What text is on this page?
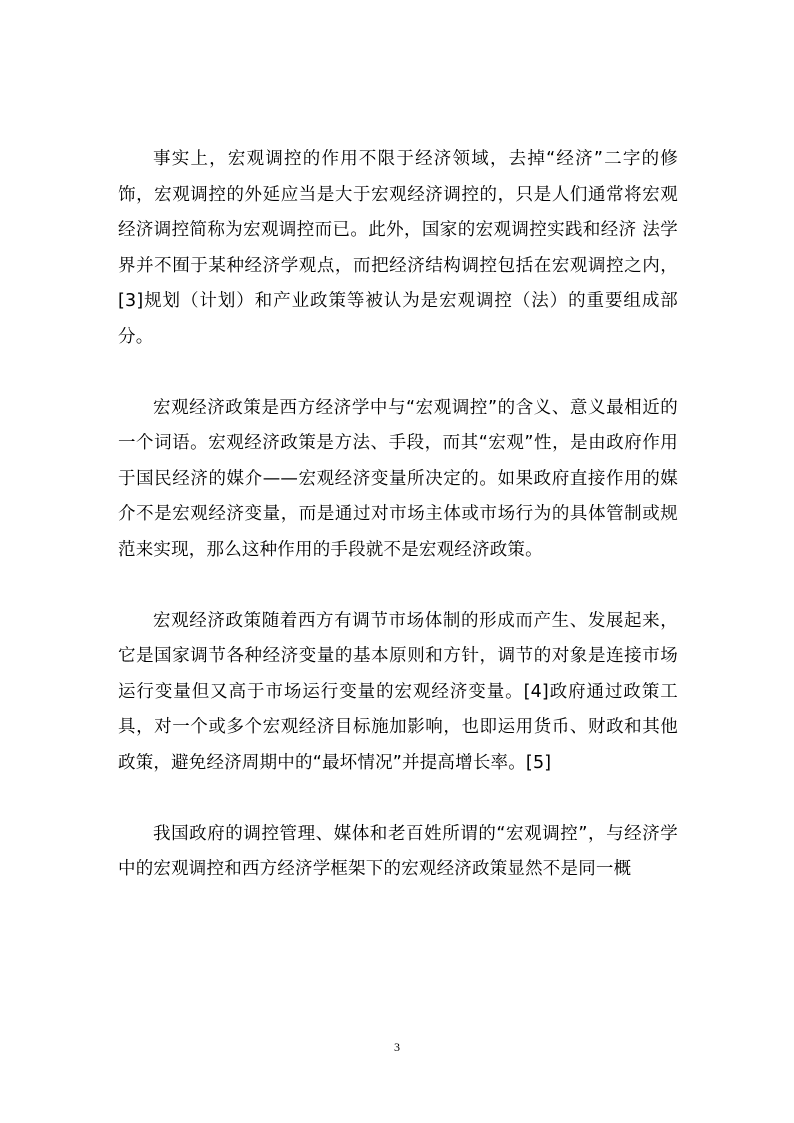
事实上，宏观调控的作用不限于经济领域，去掉“经济”二字的修饰，宏观调控的外延应当是大于宏观经济调控的，只是人们通常将宏观经济调控简称为宏观调控而已。此外，国家的宏观调控实践和经济 法学界并不囿于某种经济学观点，而把经济结构调控包括在宏观调控之内，[3]规划（计划）和产业政策等被认为是宏观调控（法）的重要组成部分。

宏观经济政策是西方经济学中与“宏观调控”的含义、意义最相近的一个词语。宏观经济政策是方法、手段，而其“宏观”性，是由政府作用于国民经济的媒介——宏观经济变量所决定的。如果政府直接作用的媒介不是宏观经济变量，而是通过对市场主体或市场行为的具体管制或规范来实现，那么这种作用的手段就不是宏观经济政策。

宏观经济政策随着西方有调节市场体制的形成而产生、发展起来，它是国家调节各种经济变量的基本原则和方针，调节的对象是连接市场运行变量但又高于市场运行变量的宏观经济变量。[4]政府通过政策工具，对一个或多个宏观经济目标施加影响，也即运用货币、财政和其他政策，避免经济周期中的“最坏情况”并提高增长率。[5]

我国政府的调控管理、媒体和老百姓所谓的“宏观调控”，与经济学中的宏观调控和西方经济学框架下的宏观经济政策显然不是同一概

3
